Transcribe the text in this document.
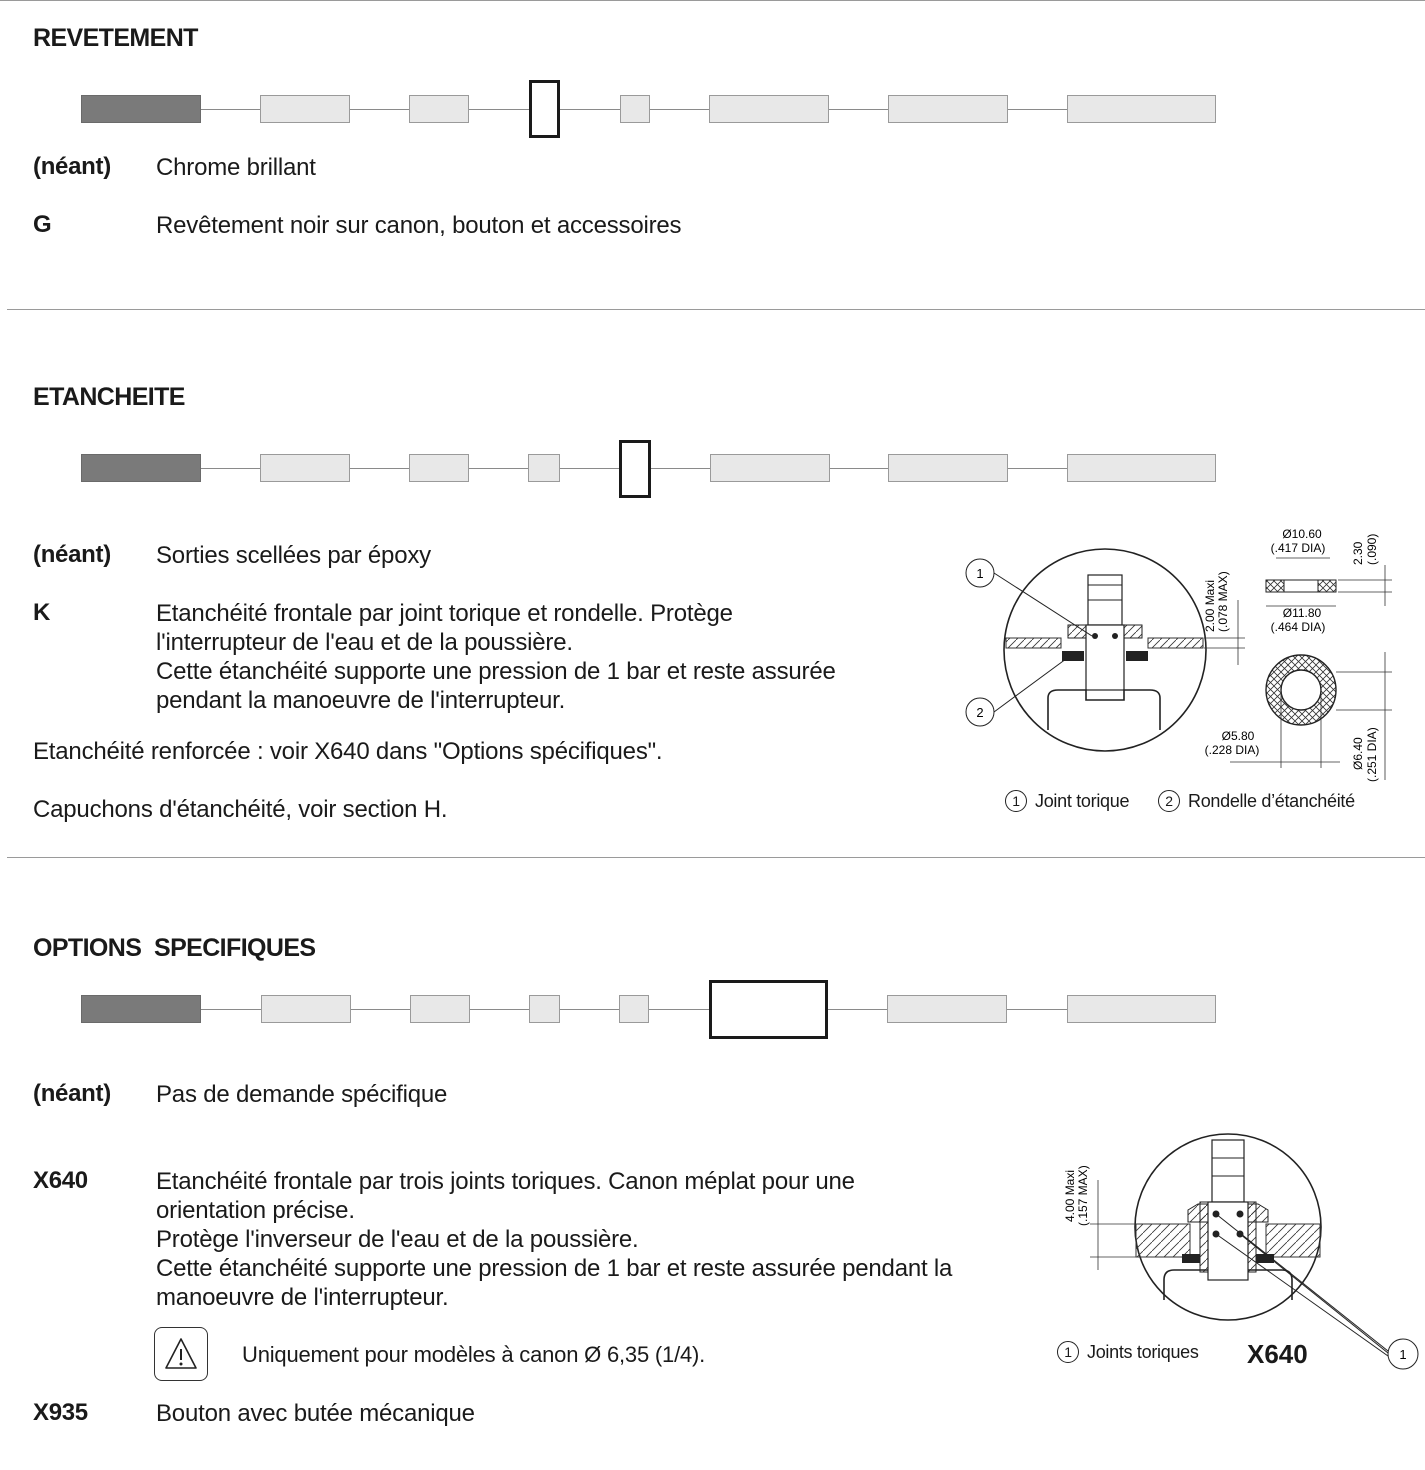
REVETEMENT
(néant) Chrome brillant
G	Revêtement noir sur canon, bouton et accessoires
ETANCHEITE
(néant) Sorties scellées par époxy
K	Etanchéité frontale par joint torique et rondelle. Protège
l'interrupteur de l'eau et de la poussière.
Cette étanchéité supporte une pression de 1 bar et reste assurée
pendant la manoeuvre de l'interrupteur.
Etanchéité renforcée : voir X640 dans "Options spécifiques".
Capuchons d'étanchéité, voir section H.
1
2
2.00 Maxi (.078 MAX)
Ø10.60
(.417 DIA)
Ø11.80
(.464 DIA)
2.30 (.090)
Ø5.80
(.228 DIA)	Ø6.40 (.251 DIA)
1 Joint torique	2 Rondelle d’étanchéité
OPTIONS  SPECIFIQUES
(néant) Pas de demande spécifique
X640	Etanchéité frontale par trois joints toriques. Canon méplat pour une
orientation précise.
Protège l'inverseur de l'eau et de la poussière.
Cette étanchéité supporte une pression de 1 bar et reste assurée pendant la
manoeuvre de l'interrupteur.
Uniquement pour modèles à canon Ø 6,35 (1/4).
X935	Bouton avec butée mécanique
4.00 Maxi (.157 MAX)
1
1 Joints toriques X640
